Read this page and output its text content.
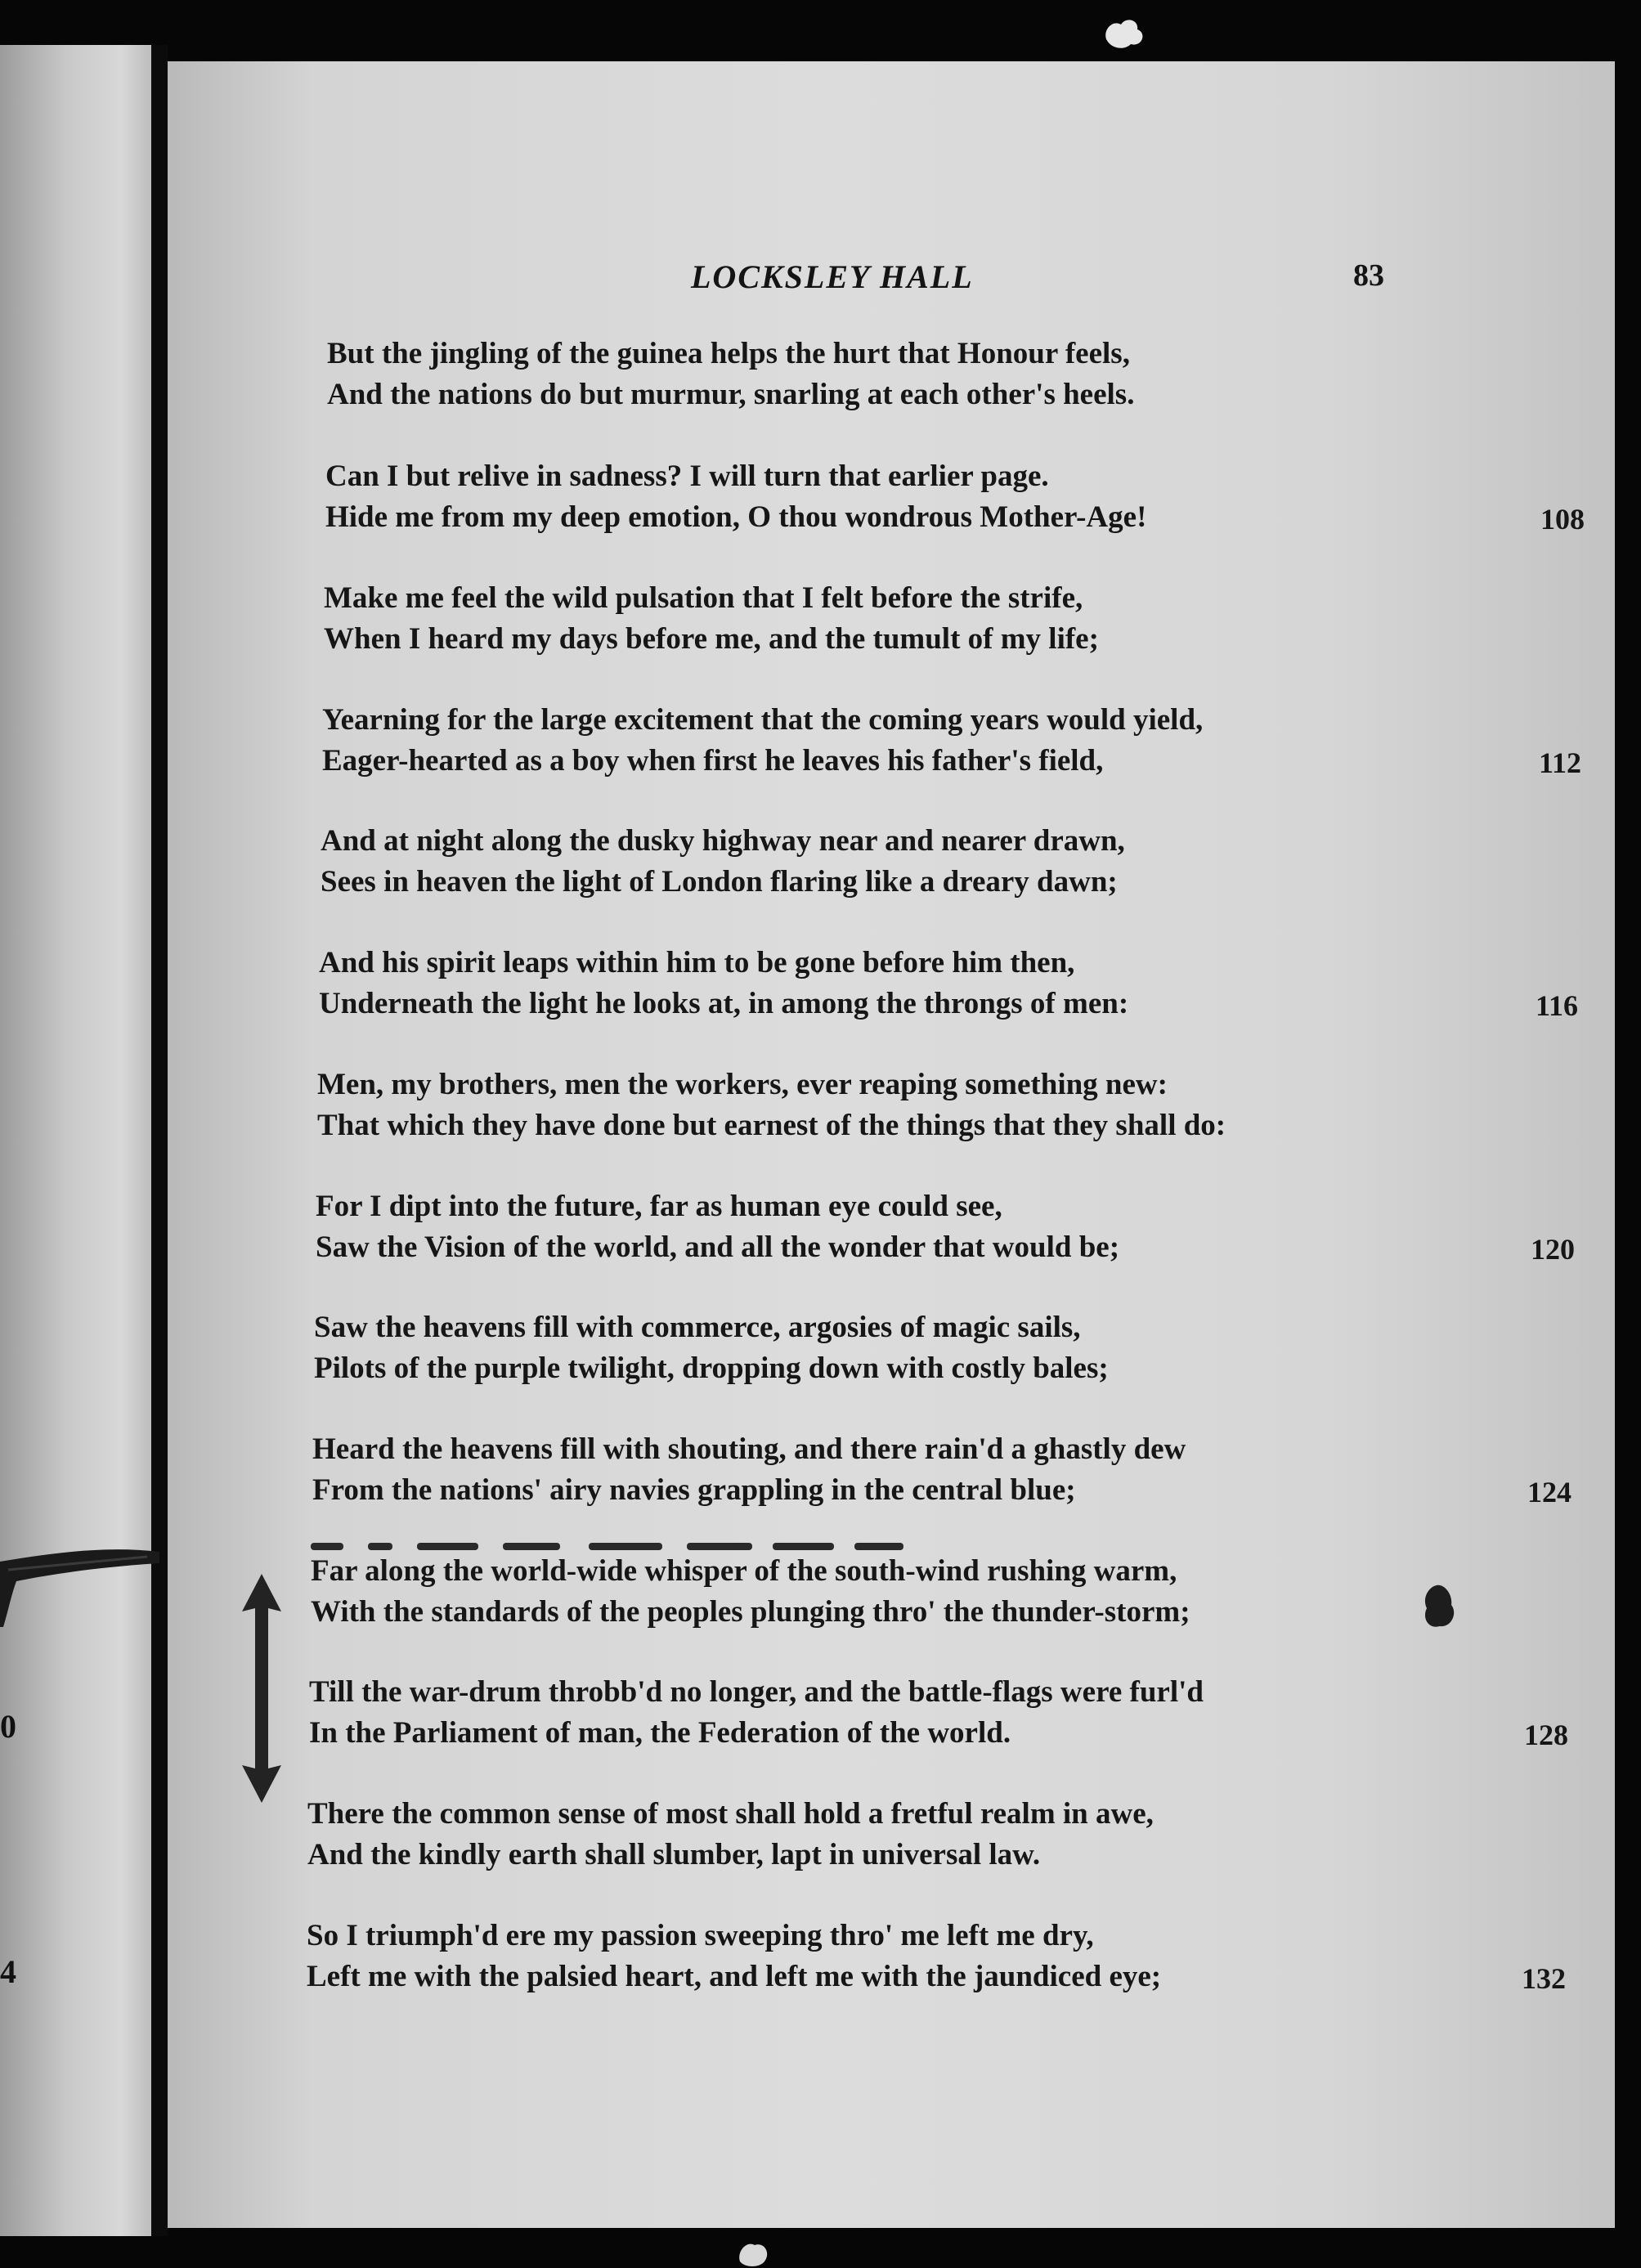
0
4
LOCKSLEY HALL	83
But the jingling of the guinea helps the hurt that Honour feels,
And the nations do but murmur, snarling at each other's heels.
Can I but relive in sadness? I will turn that earlier page.
Hide me from my deep emotion, O thou wondrous Mother-Age!	108
Make me feel the wild pulsation that I felt before the strife,
When I heard my days before me, and the tumult of my life;
Yearning for the large excitement that the coming years would yield,
Eager-hearted as a boy when first he leaves his father's field,	112
And at night along the dusky highway near and nearer drawn,
Sees in heaven the light of London flaring like a dreary dawn;
And his spirit leaps within him to be gone before him then,
Underneath the light he looks at, in among the throngs of men:	116
Men, my brothers, men the workers, ever reaping something new:
That which they have done but earnest of the things that they shall do:
For I dipt into the future, far as human eye could see,
Saw the Vision of the world, and all the wonder that would be;	120
Saw the heavens fill with commerce, argosies of magic sails,
Pilots of the purple twilight, dropping down with costly bales;
Heard the heavens fill with shouting, and there rain'd a ghastly dew
From the nations' airy navies grappling in the central blue;	124
Far along the world-wide whisper of the south-wind rushing warm,
With the standards of the peoples plunging thro' the thunder-storm;
Till the war-drum throbb'd no longer, and the battle-flags were furl'd
In the Parliament of man, the Federation of the world.	128
There the common sense of most shall hold a fretful realm in awe,
And the kindly earth shall slumber, lapt in universal law.
So I triumph'd ere my passion sweeping thro' me left me dry,
Left me with the palsied heart, and left me with the jaundiced eye;	132
